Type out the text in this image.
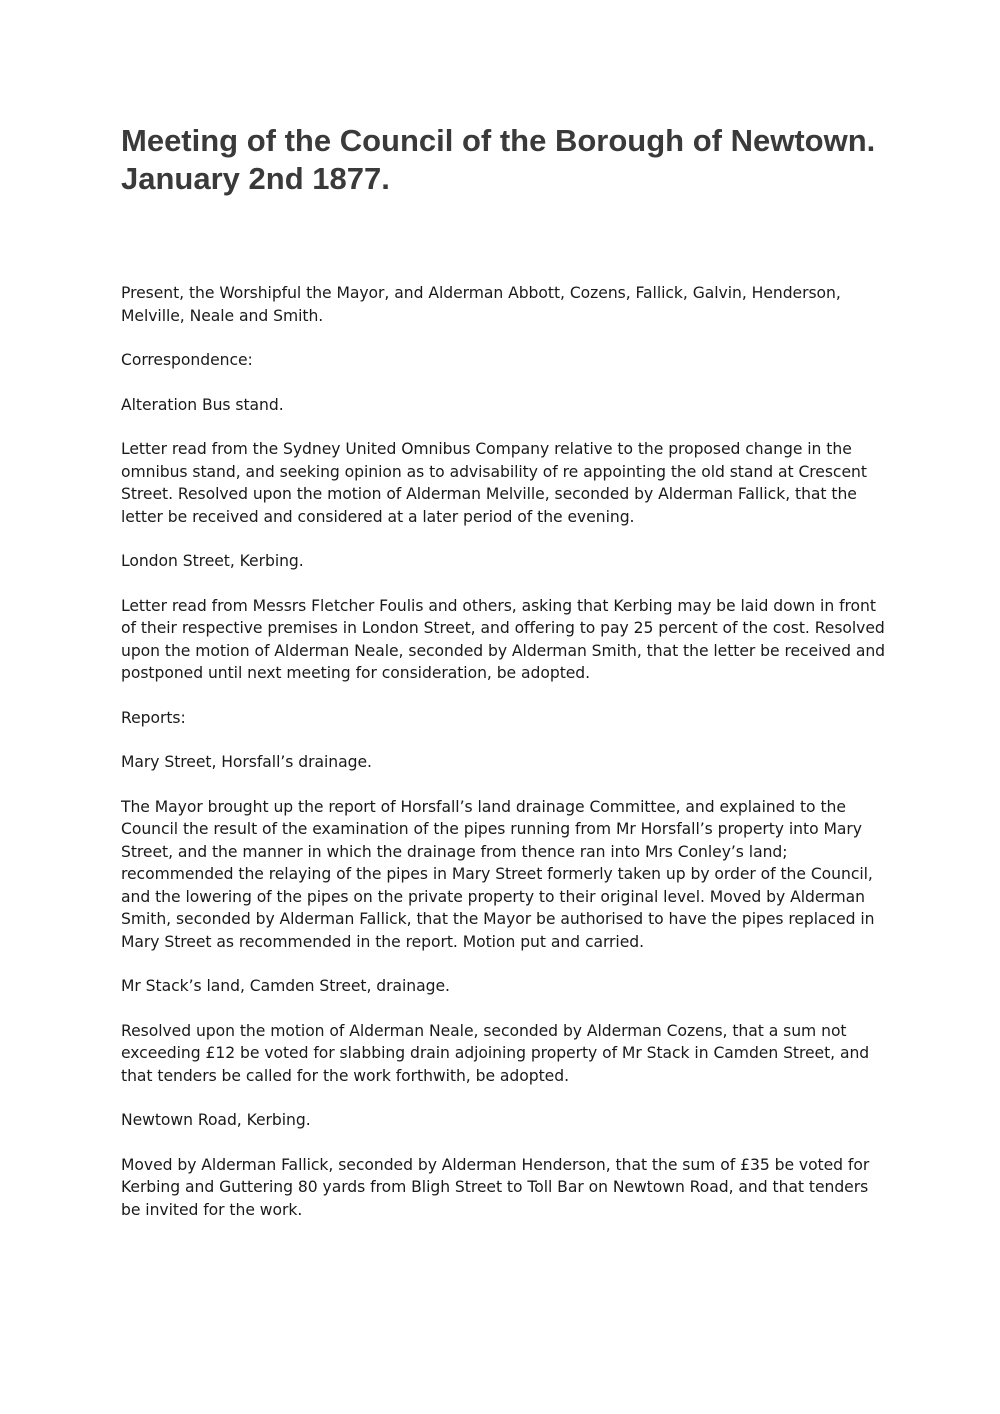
Meeting of the Council of the Borough of Newtown. January 2nd 1877.

Present, the Worshipful the Mayor, and Alderman Abbott, Cozens, Fallick, Galvin, Henderson, Melville, Neale and Smith.

Correspondence:

Alteration Bus stand.

Letter read from the Sydney United Omnibus Company relative to the proposed change in the omnibus stand, and seeking opinion as to advisability of re appointing the old stand at Crescent Street. Resolved upon the motion of Alderman Melville, seconded by Alderman Fallick, that the letter be received and considered at a later period of the evening.

London Street, Kerbing.

Letter read from Messrs Fletcher Foulis and others, asking that Kerbing may be laid down in front of their respective premises in London Street, and offering to pay 25 percent of the cost. Resolved upon the motion of Alderman Neale, seconded by Alderman Smith, that the letter be received and postponed until next meeting for consideration, be adopted.

Reports:

Mary Street, Horsfall’s drainage.

The Mayor brought up the report of Horsfall’s land drainage Committee, and explained to the Council the result of the examination of the pipes running from Mr Horsfall’s property into Mary Street, and the manner in which the drainage from thence ran into Mrs Conley’s land; recommended the relaying of the pipes in Mary Street formerly taken up by order of the Council, and the lowering of the pipes on the private property to their original level. Moved by Alderman Smith, seconded by Alderman Fallick, that the Mayor be authorised to have the pipes replaced in Mary Street as recommended in the report. Motion put and carried.

Mr Stack’s land, Camden Street, drainage.

Resolved upon the motion of Alderman Neale, seconded by Alderman Cozens, that a sum not exceeding £12 be voted for slabbing drain adjoining property of Mr Stack in Camden Street, and that tenders be called for the work forthwith, be adopted.

Newtown Road, Kerbing.

Moved by Alderman Fallick, seconded by Alderman Henderson, that the sum of £35 be voted for Kerbing and Guttering 80 yards from Bligh Street to Toll Bar on Newtown Road, and that tenders be invited for the work.
